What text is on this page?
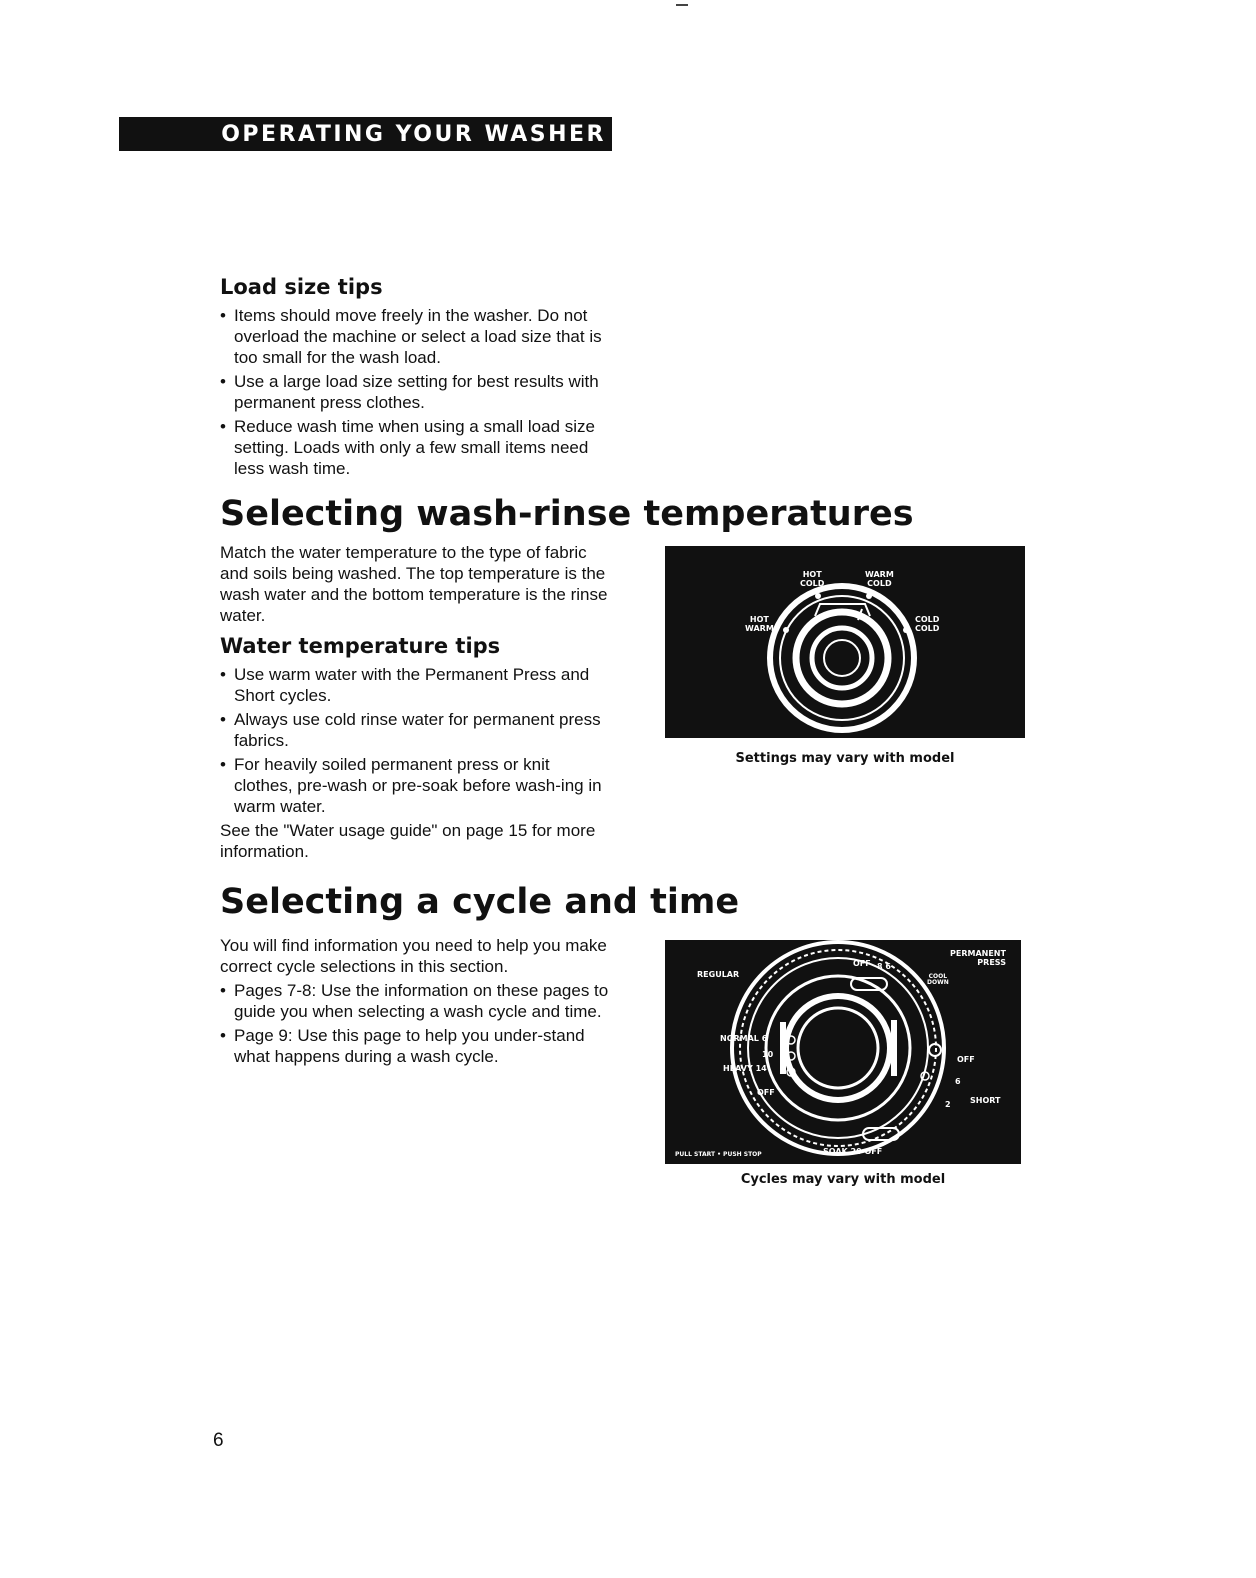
OPERATING YOUR WASHER
Load size tips
• Items should move freely in the washer. Do not overload the machine or select a load size that is too small for the wash load.
• Use a large load size setting for best results with permanent press clothes.
• Reduce wash time when using a small load size setting. Loads with only a few small items need less wash time.
Selecting wash-rinse temperatures

Match the water temperature to the type of fabric and soils being washed. The top temperature is the wash water and the bottom temperature is the rinse water.

Water temperature tips
• Use warm water with the Permanent Press and Short cycles.
• Always use cold rinse water for permanent press fabrics.
• For heavily soiled permanent press or knit clothes, pre-wash or pre-soak before wash-ing in warm water.

See the "Water usage guide" on page 15 for more information.

HOT
COLD
WARM
COLD
HOT
WARM
COLD
COLD
Settings may vary with model
Selecting a cycle and time

You will find information you need to help you make correct cycle selections in this section.

• Pages 7-8: Use the information on these pages to guide you when selecting a wash cycle and time.
• Page 9: Use this page to help you under-stand what happens during a wash cycle.
PERMANENT
PRESS
REGULAR
OFF 8 6
COOL
DOWN
NORMAL 6
10
HEAVY 14
OFF
OFF
6
2 SHORT
PULL START • PUSH STOP	SOAK 20 OFF
Cycles may vary with model
6
